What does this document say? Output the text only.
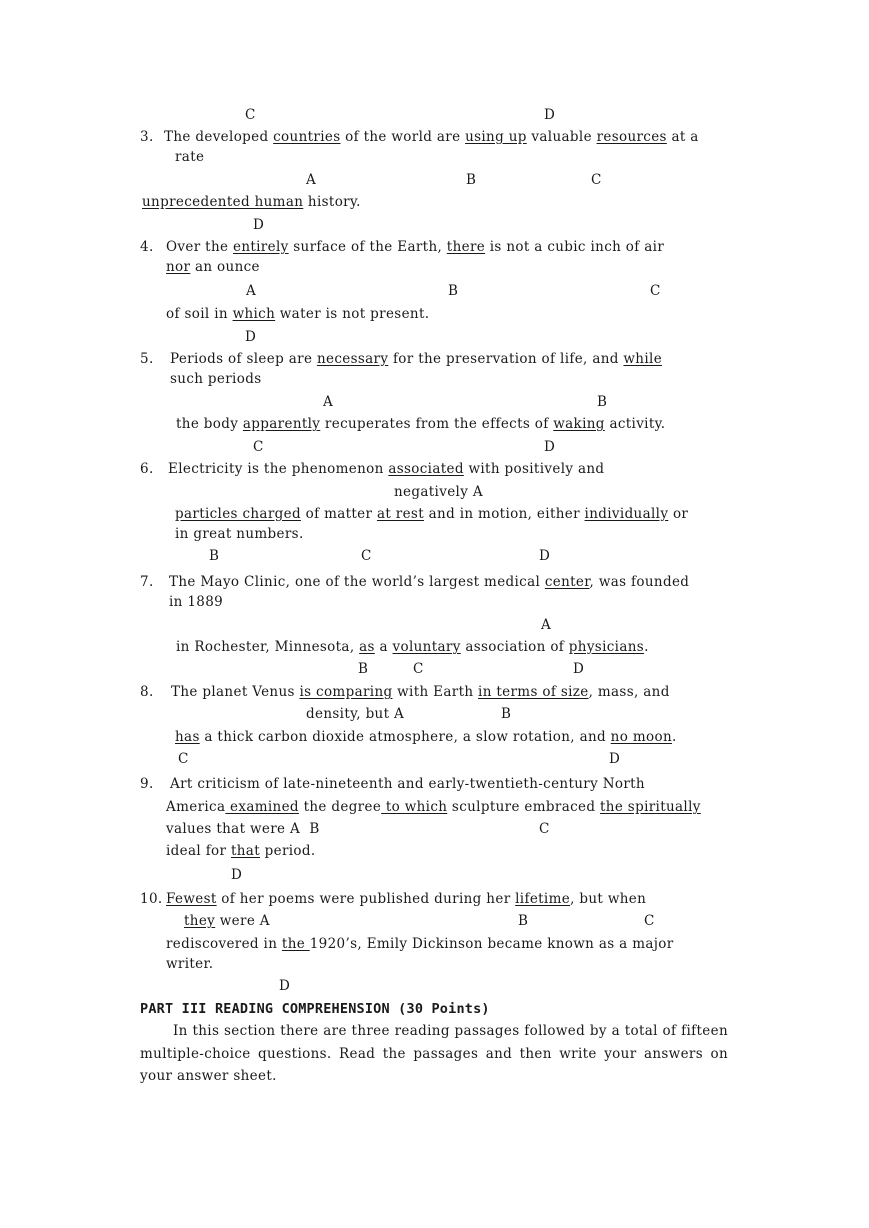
C	D
3. The developed countries of the world are using up valuable resources at a
rate
A	B	C
unprecedented human history.
D
4. Over the entirely surface of the Earth, there is not a cubic inch of air
nor an ounce
A	B	C
of soil in which water is not present.
D
5. Periods of sleep are necessary for the preservation of life, and while
such periods
A	B
the body apparently recuperates from the effects of waking activity.
C	D
6. Electricity is the phenomenon associated with positively and
negatively A
particles charged of matter at rest and in motion, either individually or
in great numbers.
B	C	D
7. The Mayo Clinic, one of the world’s largest medical center, was founded
in 1889
A
in Rochester, Minnesota, as a voluntary association of physicians.
B	C	D
8. The planet Venus is comparing with Earth in terms of size, mass, and
density, but A	B
has a thick carbon dioxide atmosphere, a slow rotation, and no moon.
C	D
9. Art criticism of late-nineteenth and early-twentieth-century North
America examined the degree to which sculpture embraced the spiritually
values that were A  B	C
ideal for that period.
D
10. Fewest of her poems were published during her lifetime, but when
they were A	B	C
rediscovered in the 1920’s, Emily Dickinson became known as a major
writer.
D
PART III READING COMPREHENSION (30 Points)
In this section there are three reading passages followed by a total of fifteen multiple-choice questions. Read the passages and then write your answers on your answer sheet.
